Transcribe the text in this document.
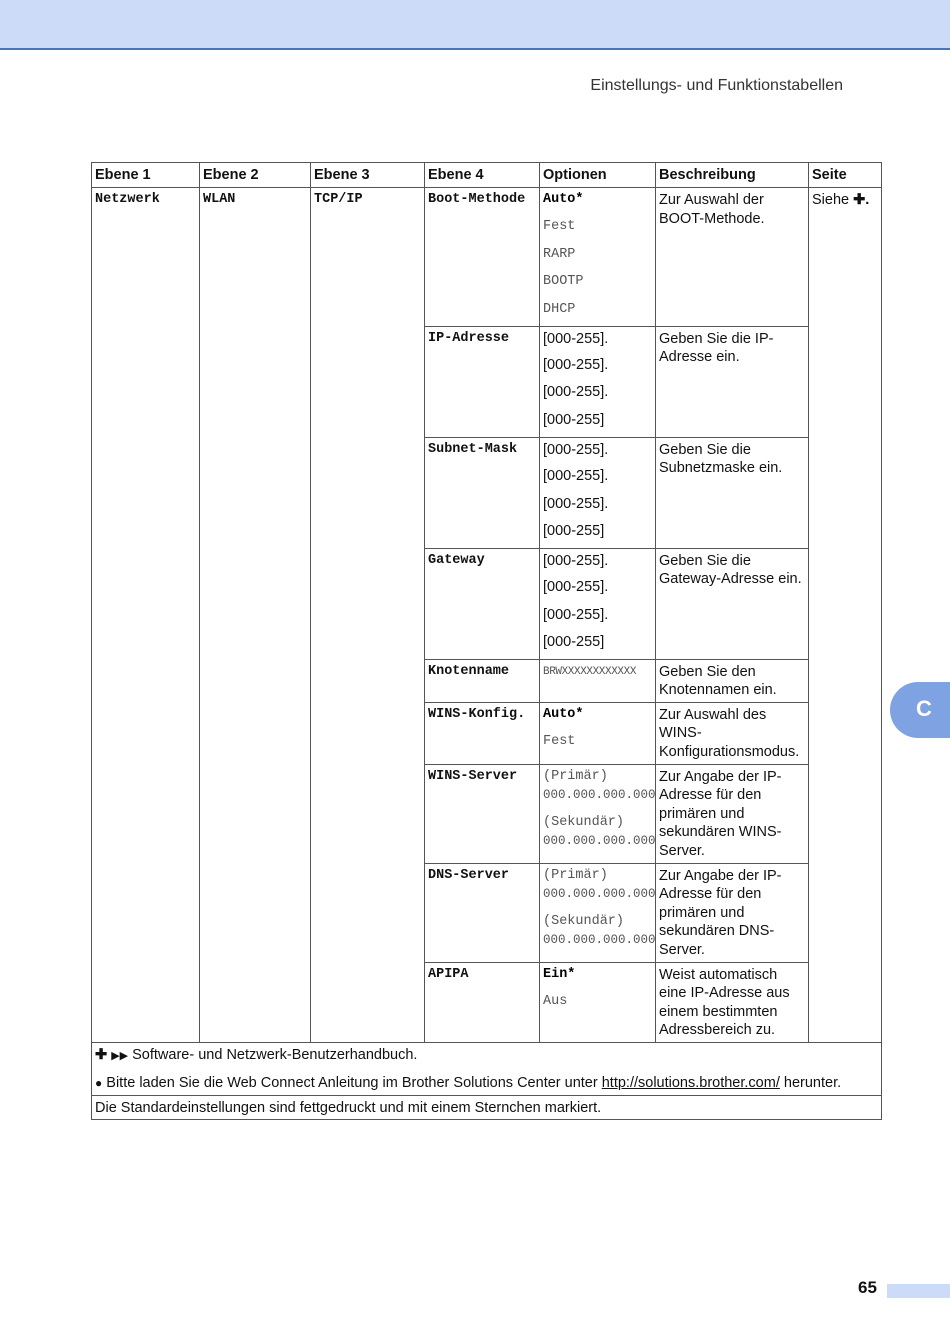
Einstellungs- und Funktionstabellen
Ebene 1	Ebene 2	Ebene 3	Ebene 4	Optionen	Beschreibung	Seite
Netzwerk	WLAN	TCP/IP	Boot-Methode	Auto*
Fest
RARP
BOOTP
DHCP	Zur Auswahl der BOOT-Methode.	Siehe ✚.
			IP-Adresse	[000-255].
[000-255].
[000-255].
[000-255]	Geben Sie die IP-Adresse ein.	
			Subnet-Mask	[000-255].
[000-255].
[000-255].
[000-255]	Geben Sie die Subnetzmaske ein.	
			Gateway	[000-255].
[000-255].
[000-255].
[000-255]	Geben Sie die Gateway-Adresse ein.	
			Knotenname	BRWXXXXXXXXXXXX	Geben Sie den Knotennamen ein.	
			WINS-Konfig.	Auto*
Fest	Zur Auswahl des WINS-Konfigurationsmodus.	
			WINS-Server	(Primär)
000.000.000.000
(Sekundär)
000.000.000.000	Zur Angabe der IP-Adresse für den primären und sekundären WINS-Server.	
			DNS-Server	(Primär)
000.000.000.000
(Sekundär)
000.000.000.000	Zur Angabe der IP-Adresse für den primären und sekundären DNS-Server.	
			APIPA	Ein*
Aus	Weist automatisch eine IP-Adresse aus einem bestimmten Adressbereich zu.	

✚ ▶▶ Software- und Netzwerk-Benutzerhandbuch.
● Bitte laden Sie die Web Connect Anleitung im Brother Solutions Center unter http://solutions.brother.com/ herunter.						

Die Standardeinstellungen sind fettgedruckt und mit einem Sternchen markiert.						
C
65
